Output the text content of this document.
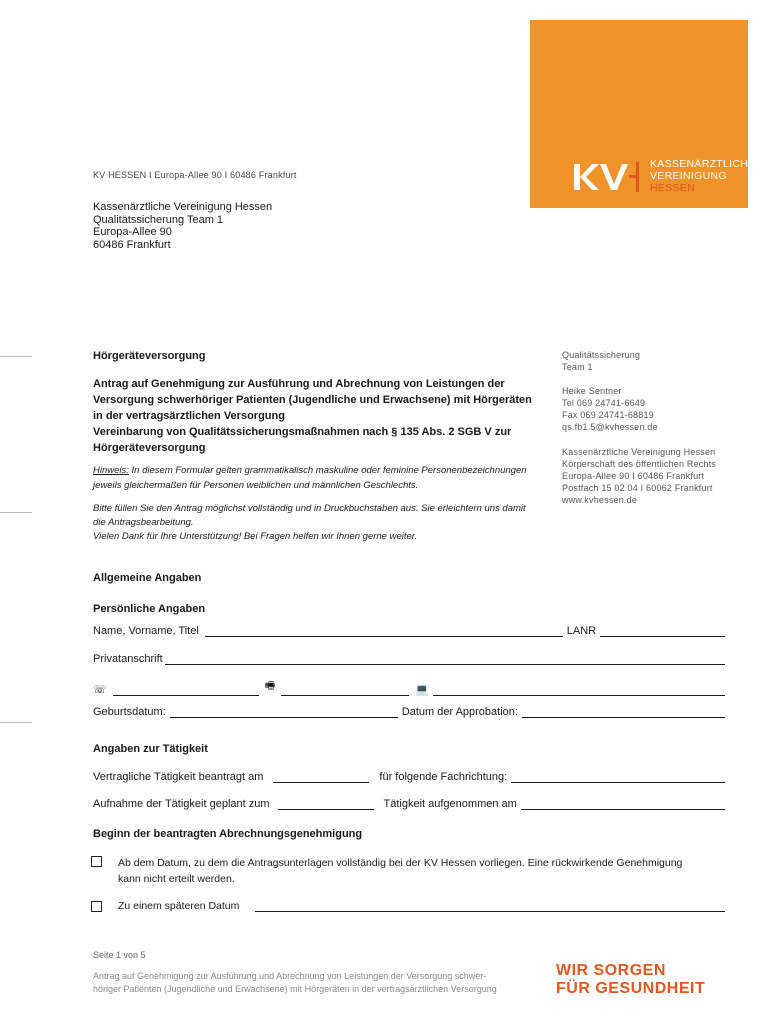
KASSENÄRZTLICHE
VEREINIGUNG
HESSEN
KV HESSEN I Europa-Allee 90 I 60486 Frankfurt
Kassenärztliche Vereinigung Hessen
Qualitätssicherung Team 1
Europa-Allee 90
60486 Frankfurt
Hörgeräteversorgung
Antrag auf Genehmigung zur Ausführung und Abrechnung von Leistungen der Versorgung schwerhöriger Patienten (Jugendliche und Erwachsene) mit Hörgeräten in der vertragsärztlichen Versorgung
Vereinbarung von Qualitätssicherungsmaßnahmen nach § 135 Abs. 2 SGB V zur Hörgeräteversorgung
Hinweis: In diesem Formular gelten grammatikalisch maskuline oder feminine Personenbezeichnungen jeweils gleichermaßen für Personen weiblichen und männlichen Geschlechts.
Bitte füllen Sie den Antrag möglichst vollständig und in Druckbuchstaben aus. Sie erleichtern uns damit die Antragsbearbeitung.
Vielen Dank für Ihre Unterstützung! Bei Fragen helfen wir Ihnen gerne weiter.
Qualitätssicherung
Team 1
Heike Sentner
Tel 069 24741-6649
Fax 069 24741-68819
qs.fb1.5@kvhessen.de
Kassenärztliche Vereinigung Hessen
Körperschaft des öffentlichen Rechts
Europa-Allee 90 I 60486 Frankfurt
Postfach 15 02 04 I 60062 Frankfurt
www.kvhessen.de
Allgemeine Angaben
Persönliche Angaben
Name, Vorname, Titel	LANR
Privatanschrift
☏	🖷	💻
Geburtsdatum:	Datum der Approbation:
Angaben zur Tätigkeit
Vertragliche Tätigkeit beantragt am	für folgende Fachrichtung:
Aufnahme der Tätigkeit geplant zum	Tätigkeit aufgenommen am
Beginn der beantragten Abrechnungsgenehmigung
Ab dem Datum, zu dem die Antragsunterlagen vollständig bei der KV Hessen vorliegen. Eine rückwirkende Genehmigung
kann nicht erteilt werden.
Zu einem späteren Datum
Seite 1 von 5
Antrag auf Genehmigung zur Ausführung und Abrechnung von Leistungen der Versorgung schwer-
höriger Patienten (Jugendliche und Erwachsene) mit Hörgeräten in der vertragsärztlichen Versorgung
WIR SORGEN
FÜR GESUNDHEIT
